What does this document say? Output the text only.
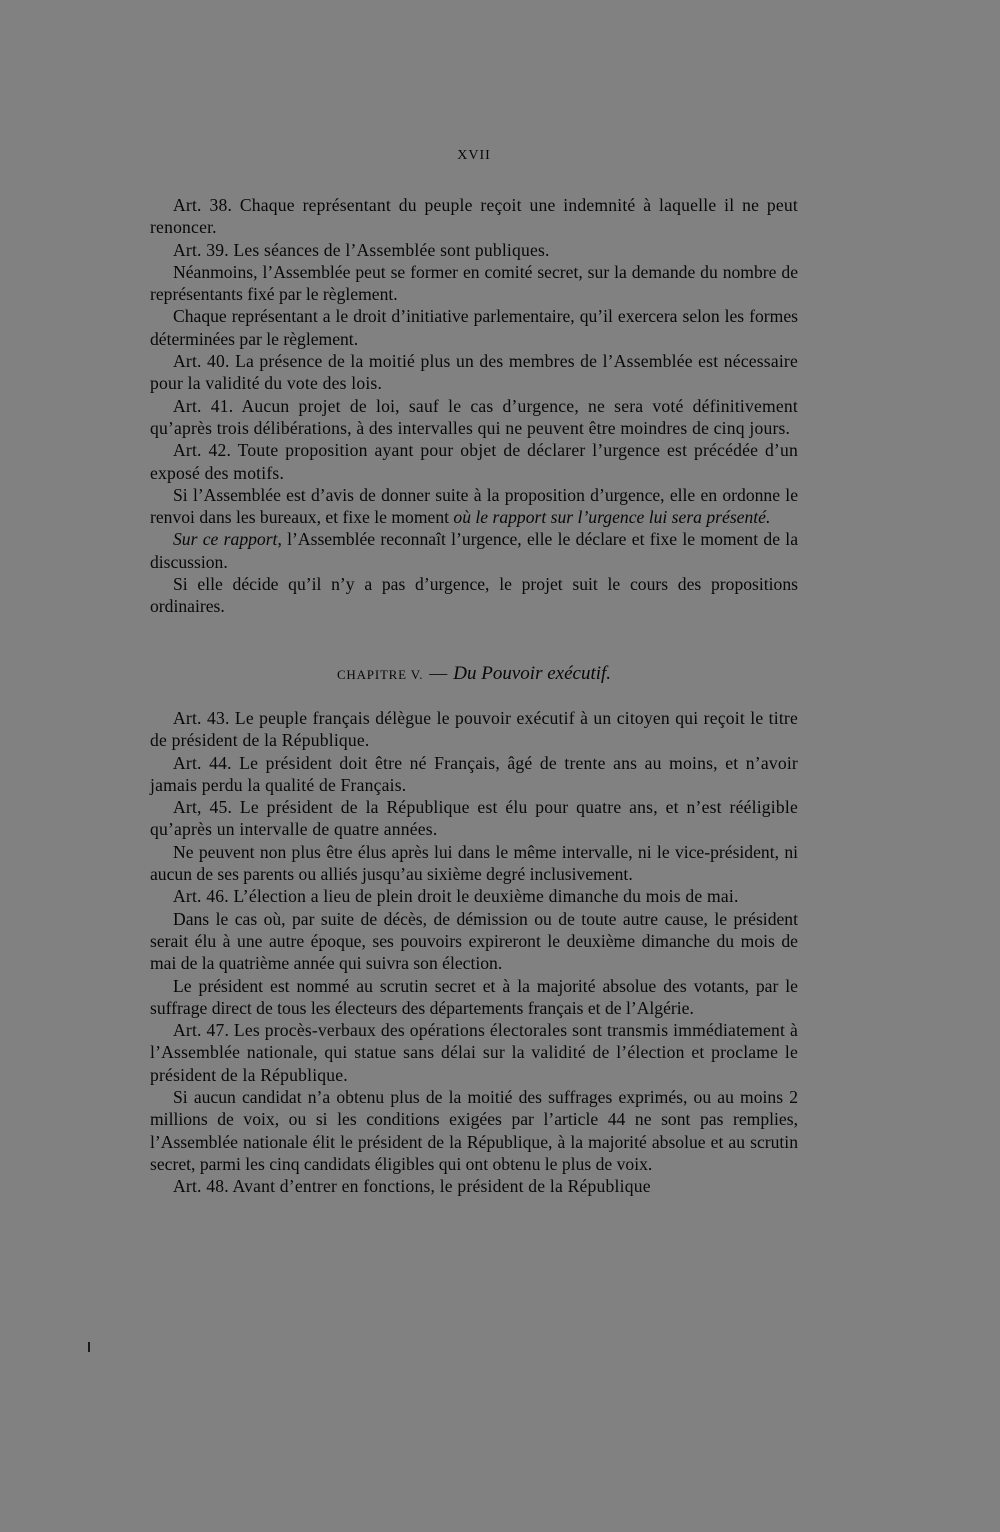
XVII

Art. 38. Chaque représentant du peuple reçoit une indemnité à laquelle il ne peut renoncer.

Art. 39. Les séances de l’Assemblée sont publiques.

Néanmoins, l’Assemblée peut se former en comité secret, sur la demande du nombre de représentants fixé par le règlement.

Chaque représentant a le droit d’initiative parlementaire, qu’il exercera selon les formes déterminées par le règlement.

Art. 40. La présence de la moitié plus un des membres de l’Assemblée est nécessaire pour la validité du vote des lois.

Art. 41. Aucun projet de loi, sauf le cas d’urgence, ne sera voté définitivement qu’après trois délibérations, à des intervalles qui ne peuvent être moindres de cinq jours.

Art. 42. Toute proposition ayant pour objet de déclarer l’urgence est précédée d’un exposé des motifs.

Si l’Assemblée est d’avis de donner suite à la proposition d’urgence, elle en ordonne le renvoi dans les bureaux, et fixe le moment où le rapport sur l’urgence lui sera présenté.

Sur ce rapport, l’Assemblée reconnaît l’urgence, elle le déclare et fixe le moment de la discussion.

Si elle décide qu’il n’y a pas d’urgence, le projet suit le cours des propositions ordinaires.

CHAPITRE V. — Du Pouvoir exécutif.

Art. 43. Le peuple français délègue le pouvoir exécutif à un citoyen qui reçoit le titre de président de la République.

Art. 44. Le président doit être né Français, âgé de trente ans au moins, et n’avoir jamais perdu la qualité de Français.

Art, 45. Le président de la République est élu pour quatre ans, et n’est rééligible qu’après un intervalle de quatre années.

Ne peuvent non plus être élus après lui dans le même intervalle, ni le vice-président, ni aucun de ses parents ou alliés jusqu’au sixième degré inclusivement.

Art. 46. L’élection a lieu de plein droit le deuxième dimanche du mois de mai.

Dans le cas où, par suite de décès, de démission ou de toute autre cause, le président serait élu à une autre époque, ses pouvoirs expireront le deuxième dimanche du mois de mai de la quatrième année qui suivra son élection.

Le président est nommé au scrutin secret et à la majorité absolue des votants, par le suffrage direct de tous les électeurs des départements français et de l’Algérie.

Art. 47. Les procès-verbaux des opérations électorales sont transmis immédiatement à l’Assemblée nationale, qui statue sans délai sur la validité de l’élection et proclame le président de la République.

Si aucun candidat n’a obtenu plus de la moitié des suffrages exprimés, ou au moins 2 millions de voix, ou si les conditions exigées par l’article 44 ne sont pas remplies, l’Assemblée nationale élit le président de la République, à la majorité absolue et au scrutin secret, parmi les cinq candidats éligibles qui ont obtenu le plus de voix.

Art. 48. Avant d’entrer en fonctions, le président de la République
